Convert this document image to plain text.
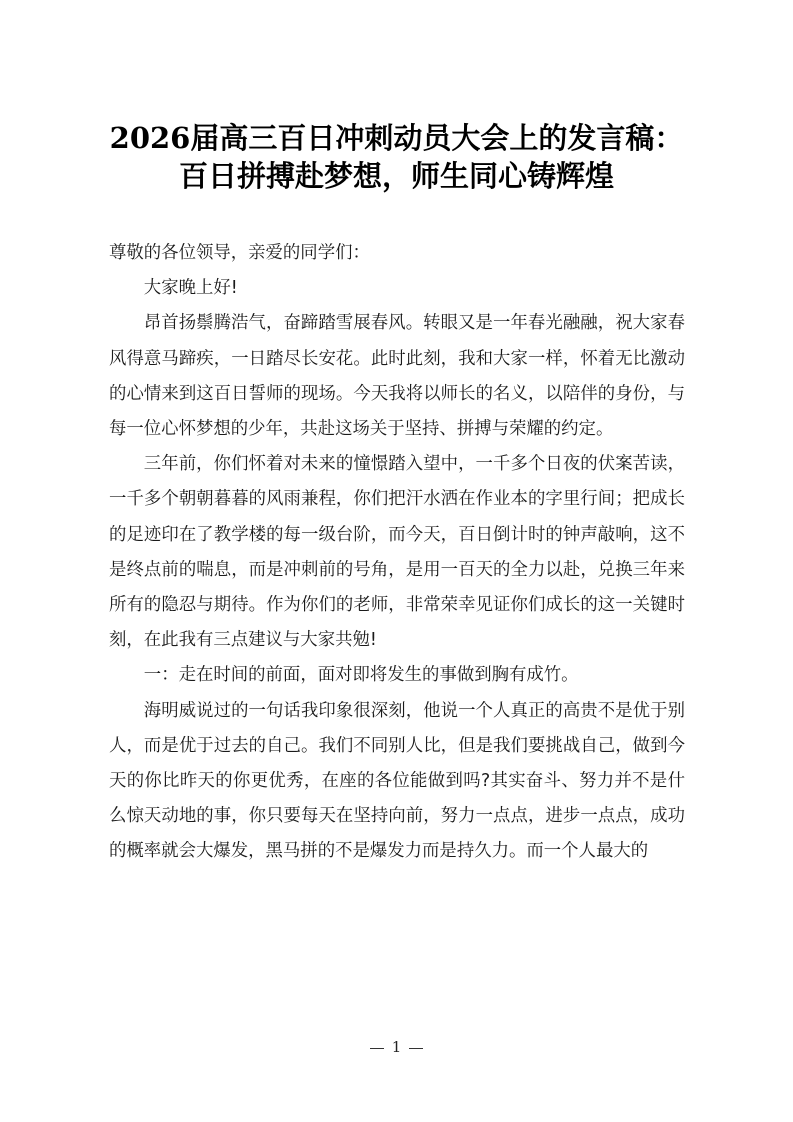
2026届高三百日冲刺动员大会上的发言稿：
百日拼搏赴梦想，师生同心铸辉煌

尊敬的各位领导，亲爱的同学们：

大家晚上好!

昂首扬鬃腾浩气，奋蹄踏雪展春风。转眼又是一年春光融融，祝大家春风得意马蹄疾，一日踏尽长安花。此时此刻，我和大家一样，怀着无比激动的心情来到这百日誓师的现场。今天我将以师长的名义，以陪伴的身份，与每一位心怀梦想的少年，共赴这场关于坚持、拼搏与荣耀的约定。

三年前，你们怀着对未来的憧憬踏入望中，一千多个日夜的伏案苦读，一千多个朝朝暮暮的风雨兼程，你们把汗水洒在作业本的字里行间；把成长的足迹印在了教学楼的每一级台阶，而今天，百日倒计时的钟声敲响，这不是终点前的喘息，而是冲刺前的号角，是用一百天的全力以赴，兑换三年来所有的隐忍与期待。作为你们的老师，非常荣幸见证你们成长的这一关键时刻，在此我有三点建议与大家共勉!

一：走在时间的前面，面对即将发生的事做到胸有成竹。

海明威说过的一句话我印象很深刻，他说一个人真正的高贵不是优于别人，而是优于过去的自己。我们不同别人比，但是我们要挑战自己，做到今天的你比昨天的你更优秀，在座的各位能做到吗?其实奋斗、努力并不是什么惊天动地的事，你只要每天在坚持向前，努力一点点，进步一点点，成功的概率就会大爆发，黑马拼的不是爆发力而是持久力。而一个人最大的

1
